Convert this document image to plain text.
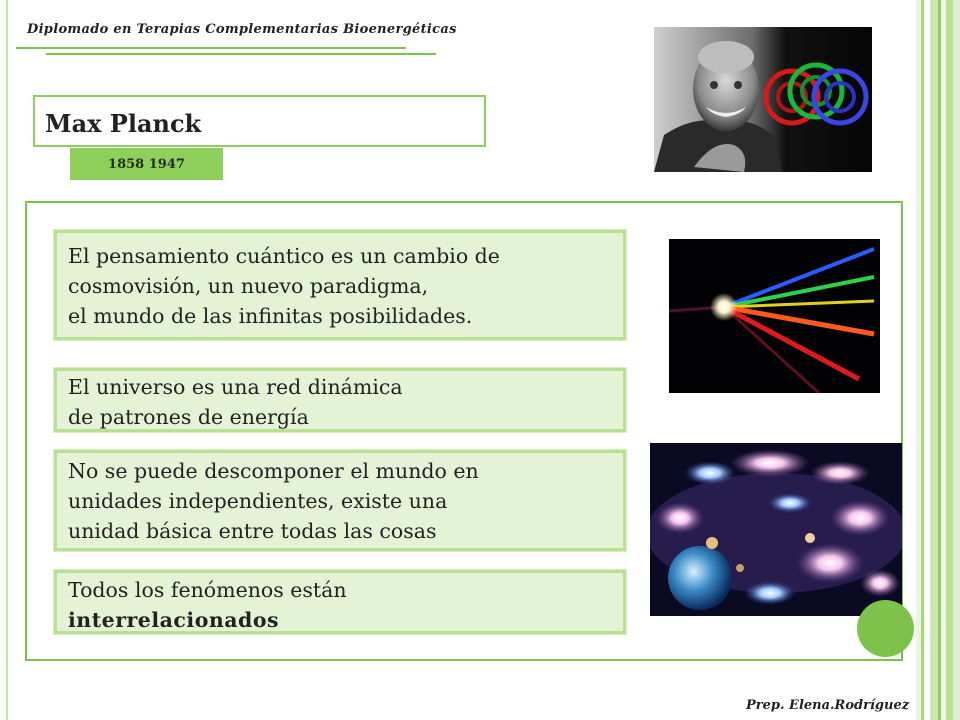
Diplomado en Terapias Complementarias Bioenergéticas
Max Planck
1858 1947
El pensamiento cuántico es un cambio de
cosmovisión, un nuevo paradigma,
el mundo de las infinitas posibilidades.
El universo es una red dinámica
de patrones de energía
No se puede descomponer el mundo en
unidades independientes, existe una
unidad básica entre todas las cosas
Todos los fenómenos están
interrelacionados
Prep. Elena.Rodríguez
